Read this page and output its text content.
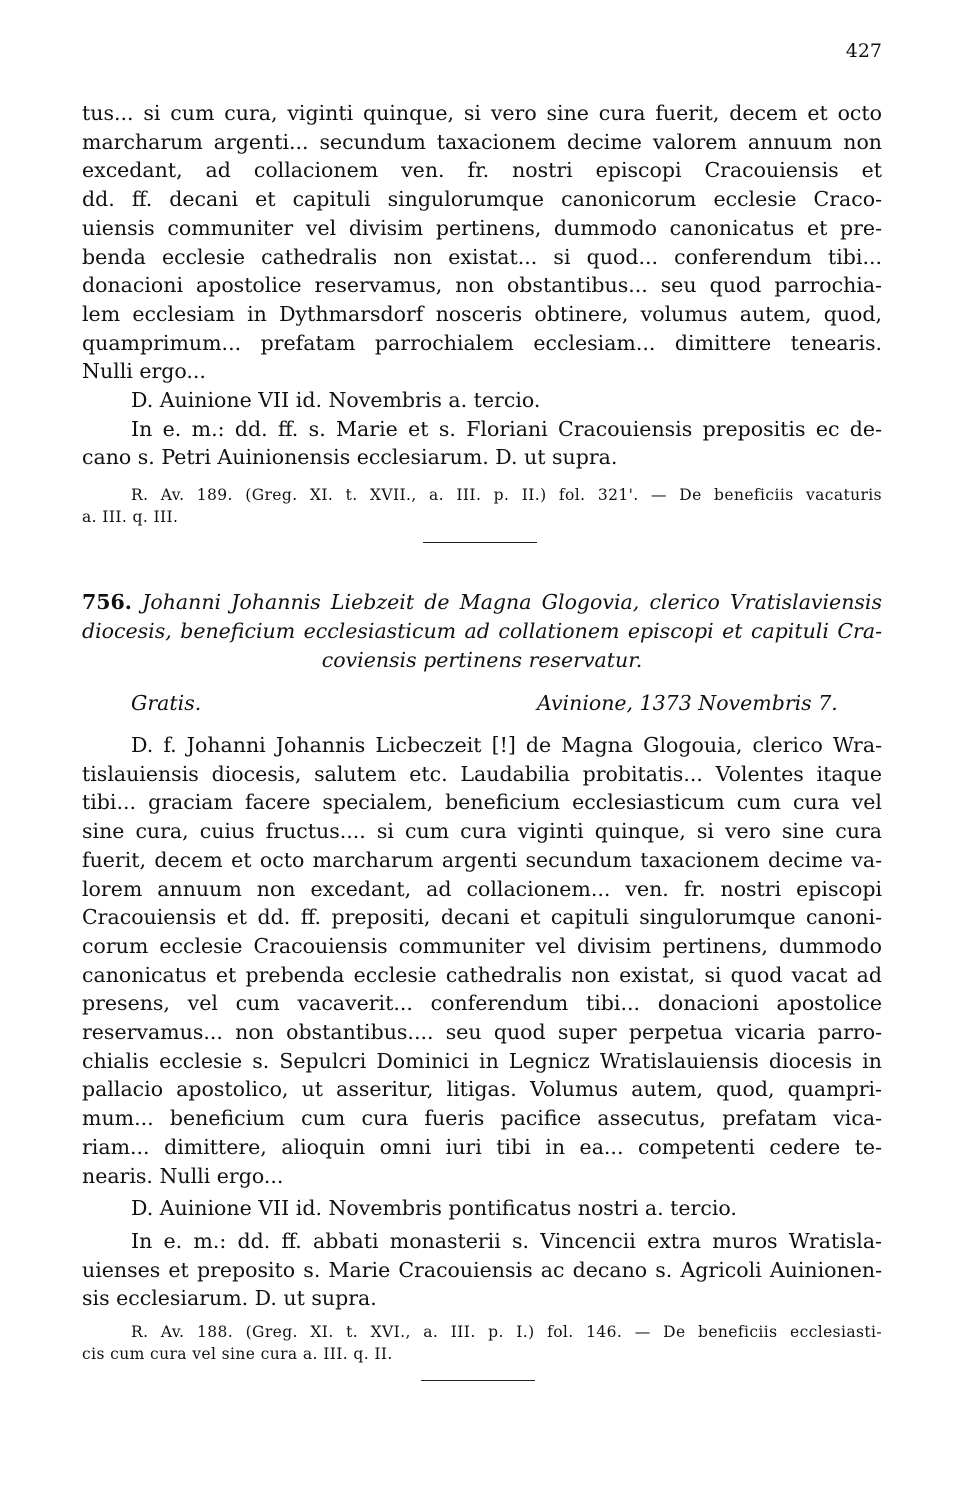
427
tus... si cum cura, viginti quinque, si vero sine cura fuerit, decem et octo
marcharum argenti... secundum taxacionem decime valorem annuum non
excedant, ad collacionem ven. fr. nostri episcopi Cracouiensis et
dd. ff. decani et capituli singulorumque canonicorum ecclesie Craco-
uiensis communiter vel divisim pertinens, dummodo canonicatus et pre-
benda ecclesie cathedralis non existat... si quod... conferendum tibi...
donacioni apostolice reservamus, non obstantibus... seu quod parrochia-
lem ecclesiam in Dythmarsdorf nosceris obtinere, volumus autem, quod,
quamprimum... prefatam parrochialem ecclesiam... dimittere tenearis.
Nulli ergo...
D. Auinione VII id. Novembris a. tercio.
In e. m.: dd. ff. s. Marie et s. Floriani Cracouiensis prepositis ec de-
cano s. Petri Auinionensis ecclesiarum. D. ut supra.
R. Av. 189. (Greg. XI. t. XVII., a. III. p. II.) fol. 321'. — De beneficiis vacaturis
a. III. q. III.
756. Johanni Johannis Liebzeit de Magna Glogovia, clerico Vratislaviensis
diocesis, beneficium ecclesiasticum ad collationem episcopi et capituli Cra-
coviensis pertinens reservatur.
Gratis.	Avinione, 1373 Novembris 7.
D. f. Johanni Johannis Licbeczeit [!] de Magna Glogouia, clerico Wra-
tislauiensis diocesis, salutem etc. Laudabilia probitatis... Volentes itaque
tibi... graciam facere specialem, beneficium ecclesiasticum cum cura vel
sine cura, cuius fructus.... si cum cura viginti quinque, si vero sine cura
fuerit, decem et octo marcharum argenti secundum taxacionem decime va-
lorem annuum non excedant, ad collacionem... ven. fr. nostri episcopi
Cracouiensis et dd. ff. prepositi, decani et capituli singulorumque canoni-
corum ecclesie Cracouiensis communiter vel divisim pertinens, dummodo
canonicatus et prebenda ecclesie cathedralis non existat, si quod vacat ad
presens, vel cum vacaverit... conferendum tibi... donacioni apostolice
reservamus... non obstantibus.... seu quod super perpetua vicaria parro-
chialis ecclesie s. Sepulcri Dominici in Legnicz Wratislauiensis diocesis in
pallacio apostolico, ut asseritur, litigas. Volumus autem, quod, quampri-
mum... beneficium cum cura fueris pacifice assecutus, prefatam vica-
riam... dimittere, alioquin omni iuri tibi in ea... competenti cedere te-
nearis. Nulli ergo...
D. Auinione VII id. Novembris pontificatus nostri a. tercio.
In e. m.: dd. ff. abbati monasterii s. Vincencii extra muros Wratisla-
uienses et preposito s. Marie Cracouiensis ac decano s. Agricoli Auinionen-
sis ecclesiarum. D. ut supra.
R. Av. 188. (Greg. XI. t. XVI., a. III. p. I.) fol. 146. — De beneficiis ecclesiasti-
cis cum cura vel sine cura a. III. q. II.
